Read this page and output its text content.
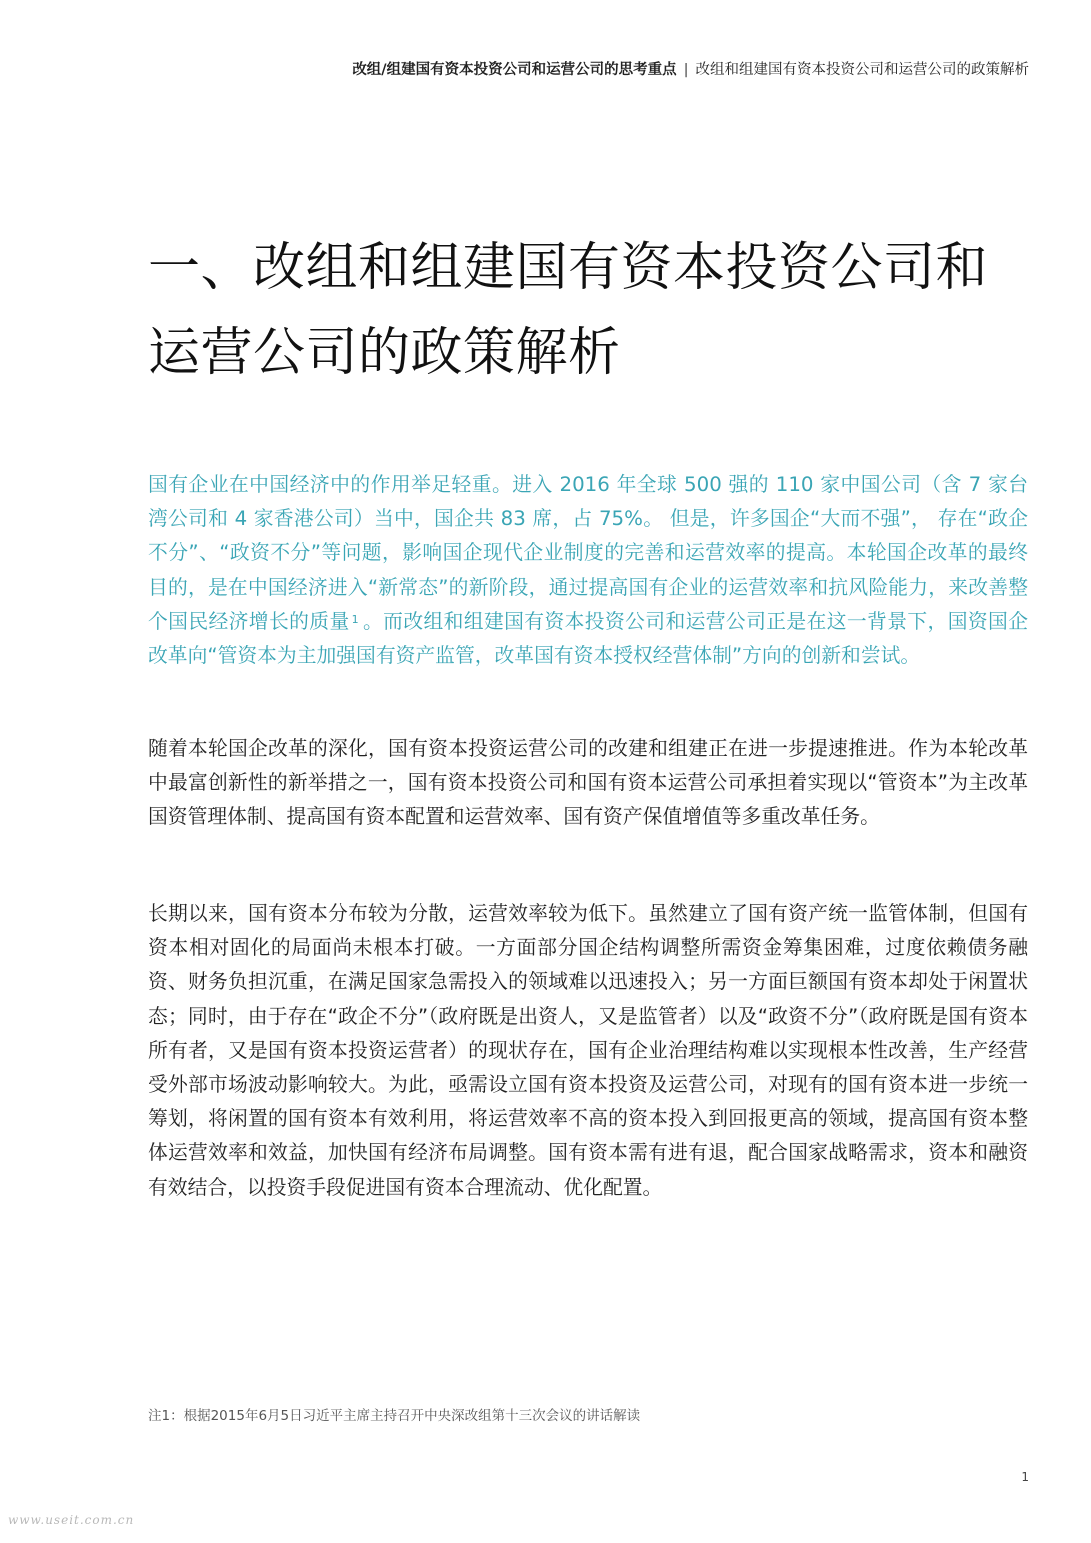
改组/组建国有资本投资公司和运营公司的思考重点 | 改组和组建国有资本投资公司和运营公司的政策解析
一、改组和组建国有资本投资公司和运营公司的政策解析

国有企业在中国经济中的作用举足轻重。进入 2016 年全球 500 强的 110 家中国公司（含 7 家台湾公司和 4 家香港公司）当中，国企共 83 席，占 75%。 但是，许多国企“大而不强”， 存在“政企不分”、“政资不分”等问题，影响国企现代企业制度的完善和运营效率的提高。本轮国企改革的最终目的，是在中国经济进入“新常态”的新阶段，通过提高国有企业的运营效率和抗风险能力，来改善整个国民经济增长的质量 $^1$ 。而改组和组建国有资本投资公司和运营公司正是在这一背景下，国资国企改革向“管资本为主加强国有资产监管，改革国有资本授权经营体制”方向的创新和尝试。

随着本轮国企改革的深化，国有资本投资运营公司的改建和组建正在进一步提速推进。作为本轮改革中最富创新性的新举措之一，国有资本投资公司和国有资本运营公司承担着实现以“管资本”为主改革国资管理体制、提高国有资本配置和运营效率、国有资产保值增值等多重改革任务。

长期以来，国有资本分布较为分散，运营效率较为低下。虽然建立了国有资产统一监管体制，但国有资本相对固化的局面尚未根本打破。一方面部分国企结构调整所需资金筹集困难，过度依赖债务融资、财务负担沉重，在满足国家急需投入的领域难以迅速投入；另一方面巨额国有资本却处于闲置状态；同时，由于存在“政企不分”（政府既是出资人，又是监管者）以及“政资不分”（政府既是国有资本所有者，又是国有资本投资运营者）的现状存在，国有企业治理结构难以实现根本性改善，生产经营受外部市场波动影响较大。为此，亟需设立国有资本投资及运营公司，对现有的国有资本进一步统一筹划，将闲置的国有资本有效利用，将运营效率不高的资本投入到回报更高的领域，提高国有资本整体运营效率和效益，加快国有经济布局调整。国有资本需有进有退，配合国家战略需求，资本和融资有效结合，以投资手段促进国有资本合理流动、优化配置。

注1：根据2015年6月5日习近平主席主持召开中央深改组第十三次会议的讲话解读
1
www.useit.com.cn
